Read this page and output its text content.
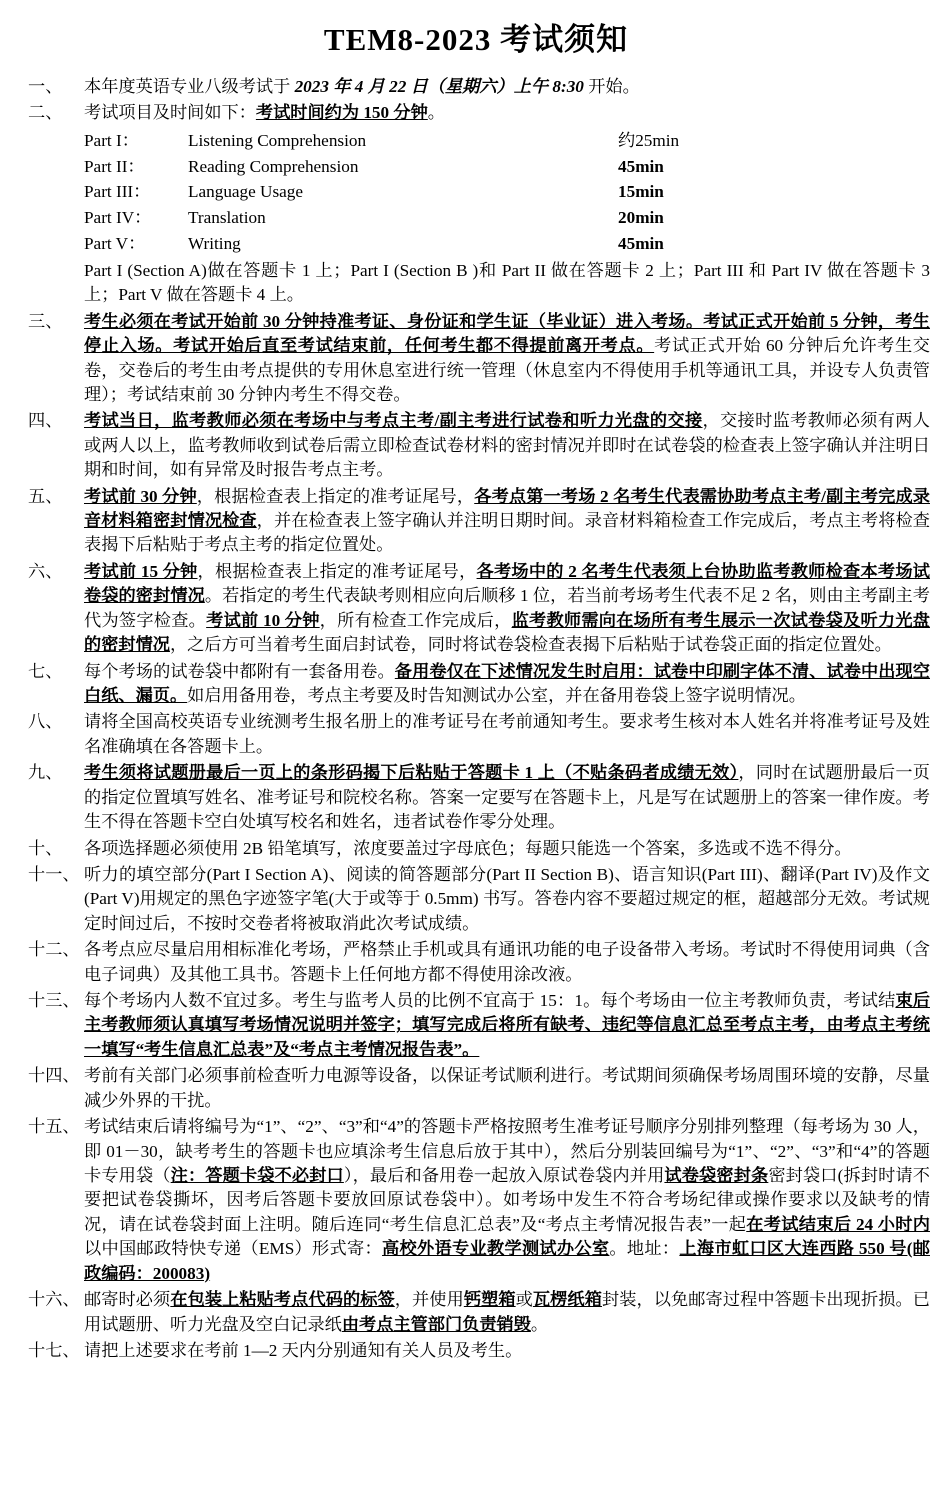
TEM8-2023 考试须知
一、	本年度英语专业八级考试于 2023 年 4 月 22 日（星期六）上午 8:30 开始。
二、	考试项目及时间如下：考试时间约为 150 分钟。
Part I：	Listening Comprehension	约25min
Part II：	Reading Comprehension	45min
Part III：	Language Usage	15min
Part IV：	Translation	20min
Part V：	Writing	45min
Part I (Section A)做在答题卡 1 上；Part I (Section B )和 Part II 做在答题卡 2 上；Part III 和 Part IV 做在答题卡 3 上；Part V 做在答题卡 4 上。
三、	考生必须在考试开始前 30 分钟持准考证、身份证和学生证（毕业证）进入考场。考试正式开始前 5 分钟，考生停止入场。考试开始后直至考试结束前，任何考生都不得提前离开考点。考试正式开始 60 分钟后允许考生交卷，交卷后的考生由考点提供的专用休息室进行统一管理（休息室内不得使用手机等通讯工具，并设专人负责管理）；考试结束前 30 分钟内考生不得交卷。
四、	考试当日，监考教师必须在考场中与考点主考/副主考进行试卷和听力光盘的交接，交接时监考教师必须有两人或两人以上，监考教师收到试卷后需立即检查试卷材料的密封情况并即时在试卷袋的检查表上签字确认并注明日期和时间，如有异常及时报告考点主考。
五、	考试前 30 分钟，根据检查表上指定的准考证尾号，各考点第一考场 2 名考生代表需协助考点主考/副主考完成录音材料箱密封情况检查，并在检查表上签字确认并注明日期时间。录音材料箱检查工作完成后，考点主考将检查表揭下后粘贴于考点主考的指定位置处。
六、	考试前 15 分钟，根据检查表上指定的准考证尾号，各考场中的 2 名考生代表须上台协助监考教师检查本考场试卷袋的密封情况。若指定的考生代表缺考则相应向后顺移 1 位，若当前考场考生代表不足 2 名，则由主考副主考代为签字检查。考试前 10 分钟，所有检查工作完成后，监考教师需向在场所有考生展示一次试卷袋及听力光盘的密封情况，之后方可当着考生面启封试卷，同时将试卷袋检查表揭下后粘贴于试卷袋正面的指定位置处。
七、	每个考场的试卷袋中都附有一套备用卷。备用卷仅在下述情况发生时启用：试卷中印刷字体不清、试卷中出现空白纸、漏页。如启用备用卷，考点主考要及时告知测试办公室，并在备用卷袋上签字说明情况。
八、	请将全国高校英语专业统测考生报名册上的准考证号在考前通知考生。要求考生核对本人姓名并将准考证号及姓名准确填在各答题卡上。
九、	考生须将试题册最后一页上的条形码揭下后粘贴于答题卡 1 上（不贴条码者成绩无效），同时在试题册最后一页的指定位置填写姓名、准考证号和院校名称。答案一定要写在答题卡上，凡是写在试题册上的答案一律作废。考生不得在答题卡空白处填写校名和姓名，违者试卷作零分处理。
十、	各项选择题必须使用 2B 铅笔填写，浓度要盖过字母底色；每题只能选一个答案，多选或不选不得分。
十一、 听力的填空部分(Part I Section A)、阅读的简答题部分(Part II Section B)、语言知识(Part III)、翻译(Part IV)及作文(Part V)用规定的黑色字迹签字笔(大于或等于 0.5mm) 书写。答卷内容不要超过规定的框，超越部分无效。考试规定时间过后，不按时交卷者将被取消此次考试成绩。
十二、 各考点应尽量启用相标准化考场，严格禁止手机或具有通讯功能的电子设备带入考场。考试时不得使用词典（含电子词典）及其他工具书。答题卡上任何地方都不得使用涂改液。
十三、 每个考场内人数不宜过多。考生与监考人员的比例不宜高于 15：1。每个考场由一位主考教师负责，考试结束后主考教师须认真填写考场情况说明并签字；填写完成后将所有缺考、违纪等信息汇总至考点主考，由考点主考统一填写“考生信息汇总表”及“考点主考情况报告表”。
十四、 考前有关部门必须事前检查听力电源等设备，以保证考试顺利进行。考试期间须确保考场周围环境的安静，尽量减少外界的干扰。
十五、 考试结束后请将编号为“1”、“2”、“3”和“4”的答题卡严格按照考生准考证号顺序分别排列整理（每考场为 30 人，即 01－30，缺考考生的答题卡也应填涂考生信息后放于其中），然后分别装回编号为“1”、“2”、“3”和“4”的答题卡专用袋（注：答题卡袋不必封口），最后和备用卷一起放入原试卷袋内并用试卷袋密封条密封袋口(拆封时请不要把试卷袋撕坏，因考后答题卡要放回原试卷袋中）。如考场中发生不符合考场纪律或操作要求以及缺考的情况，请在试卷袋封面上注明。随后连同“考生信息汇总表”及“考点主考情况报告表”一起在考试结束后 24 小时内以中国邮政特快专递（EMS）形式寄：高校外语专业教学测试办公室。地址：上海市虹口区大连西路 550 号(邮政编码：200083)
十六、 邮寄时必须在包装上粘贴考点代码的标签，并使用钙塑箱或瓦楞纸箱封装，以免邮寄过程中答题卡出现折损。已用试题册、听力光盘及空白记录纸由考点主管部门负责销毁。
十七、 请把上述要求在考前 1—2 天内分别通知有关人员及考生。
